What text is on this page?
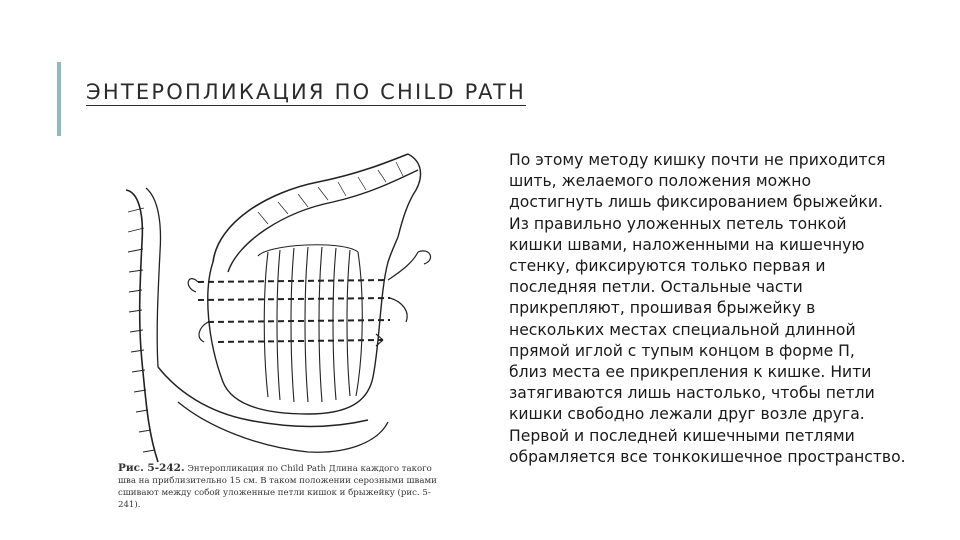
ЭНТЕРОПЛИКАЦИЯ ПО CHILD PATH
Рис. 5-242. Энтеропликация по Child Path Длина каждого такого шва на приблизительно 15 см. В таком положении серозными швами сшивают между собой уложенные петли кишок и брыжейку (рис. 5-241).
По этому методу кишку почти не приходится
шить, желаемого положения можно
достигнуть лишь фиксированием брыжейки.
Из правильно уложенных петель тонкой
кишки швами, наложенными на кишечную
стенку, фиксируются только первая и
последняя петли. Остальные части
прикрепляют, прошивая брыжейку в
нескольких местах специальной длинной
прямой иглой с тупым концом в форме П,
близ места ее прикрепления к кишке. Нити
затягиваются лишь настолько, чтобы петли
кишки свободно лежали друг возле друга.
Первой и последней кишечными петлями
обрамляется все тонкокишечное пространство.
